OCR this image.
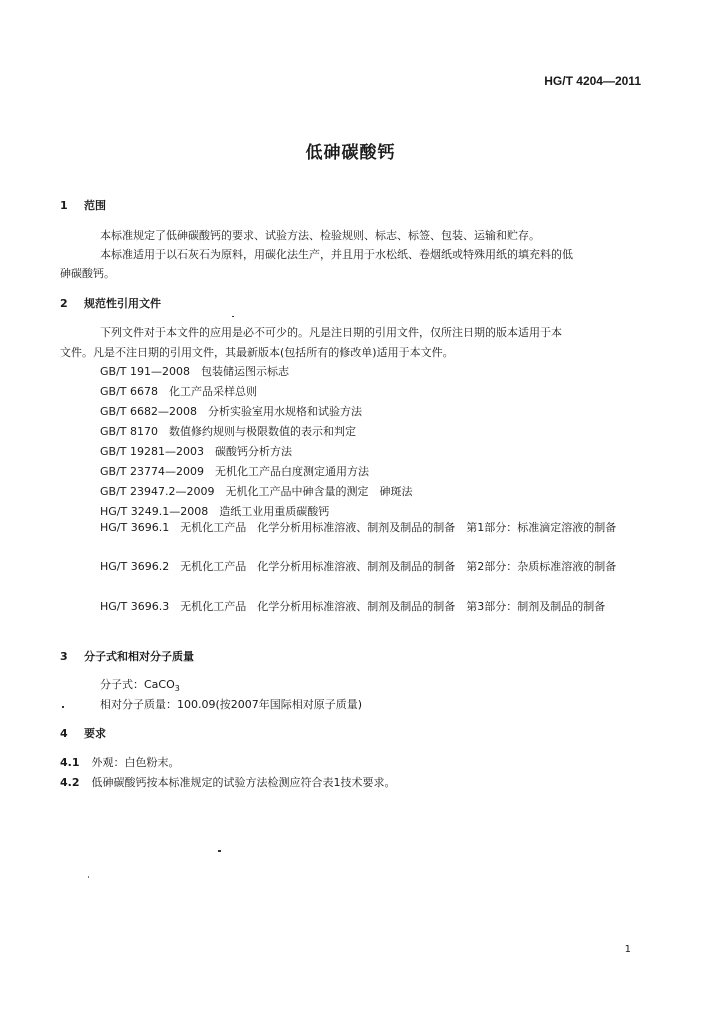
HG/T 4204—2011
低砷碳酸钙
1 范围
本标准规定了低砷碳酸钙的要求、试验方法、检验规则、标志、标签、包装、运输和贮存。
本标准适用于以石灰石为原料，用碳化法生产，并且用于水松纸、卷烟纸或特殊用纸的填充料的低
砷碳酸钙。
2 规范性引用文件
下列文件对于本文件的应用是必不可少的。凡是注日期的引用文件，仅所注日期的版本适用于本
文件。凡是不注日期的引用文件，其最新版本(包括所有的修改单)适用于本文件。
GB/T 191—2008　包装储运图示标志
GB/T 6678　化工产品采样总则
GB/T 6682—2008　分析实验室用水规格和试验方法
GB/T 8170　数值修约规则与极限数值的表示和判定
GB/T 19281—2003　碳酸钙分析方法
GB/T 23774—2009　无机化工产品白度测定通用方法
GB/T 23947.2—2009　无机化工产品中砷含量的测定　砷斑法
HG/T 3249.1—2008　造纸工业用重质碳酸钙

HG/T 3696.1　无机化工产品　化学分析用标准溶液、制剂及制品的制备　第1部分：标准滴定溶液的制备

HG/T 3696.2　无机化工产品　化学分析用标准溶液、制剂及制品的制备　第2部分：杂质标准溶液的制备

HG/T 3696.3　无机化工产品　化学分析用标准溶液、制剂及制品的制备　第3部分：制剂及制品的制备

3 分子式和相对分子质量
分子式：CaCO$_3$
相对分子质量：100.09(按2007年国际相对原子质量)
4 要求
4.1 外观：白色粉末。
4.2 低砷碳酸钙按本标准规定的试验方法检测应符合表1技术要求。
1
